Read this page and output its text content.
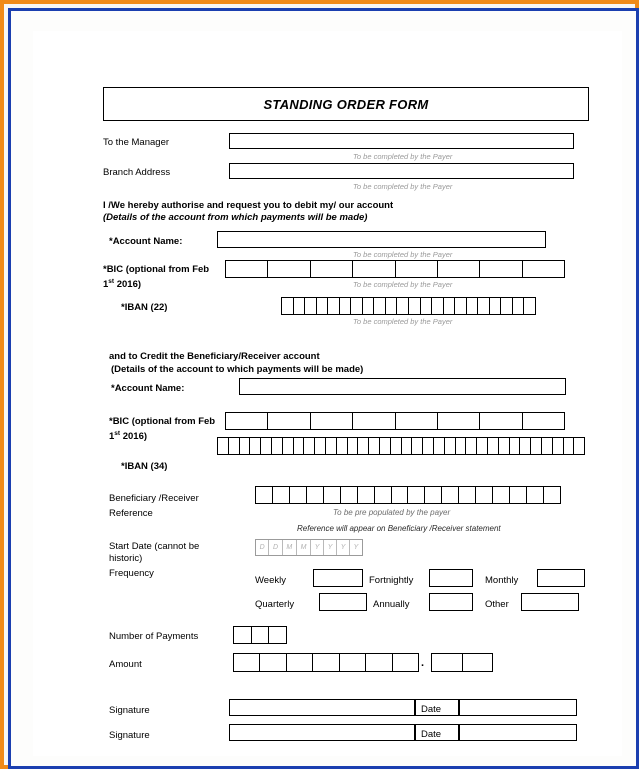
STANDING ORDER FORM
To the Manager
To be completed by the Payer
Branch Address
To be completed by the Payer
I /We hereby authorise and request you to debit my/ our account
(Details of the account from which payments will be made)
*Account Name:
To be completed by the Payer
*BIC (optional from Feb 1st 2016)	To be completed by the Payer
*IBAN (22)
To be completed by the Payer
and to Credit the Beneficiary/Receiver account
(Details of the account to which payments will be made)
*Account Name:
*BIC (optional from Feb 1st 2016)
*IBAN (34)
Beneficiary /Receiver
Reference	To be pre populated by the payer
Reference will appear on Beneficiary /Receiver statement
Start Date (cannot be historic)
D	D	M	M	Y	Y	Y	Y
Frequency
Weekly	Fortnightly	Monthly
Quarterly	Annually	Other
Number of Payments
Amount	.
Signature	Date
Signature	Date
